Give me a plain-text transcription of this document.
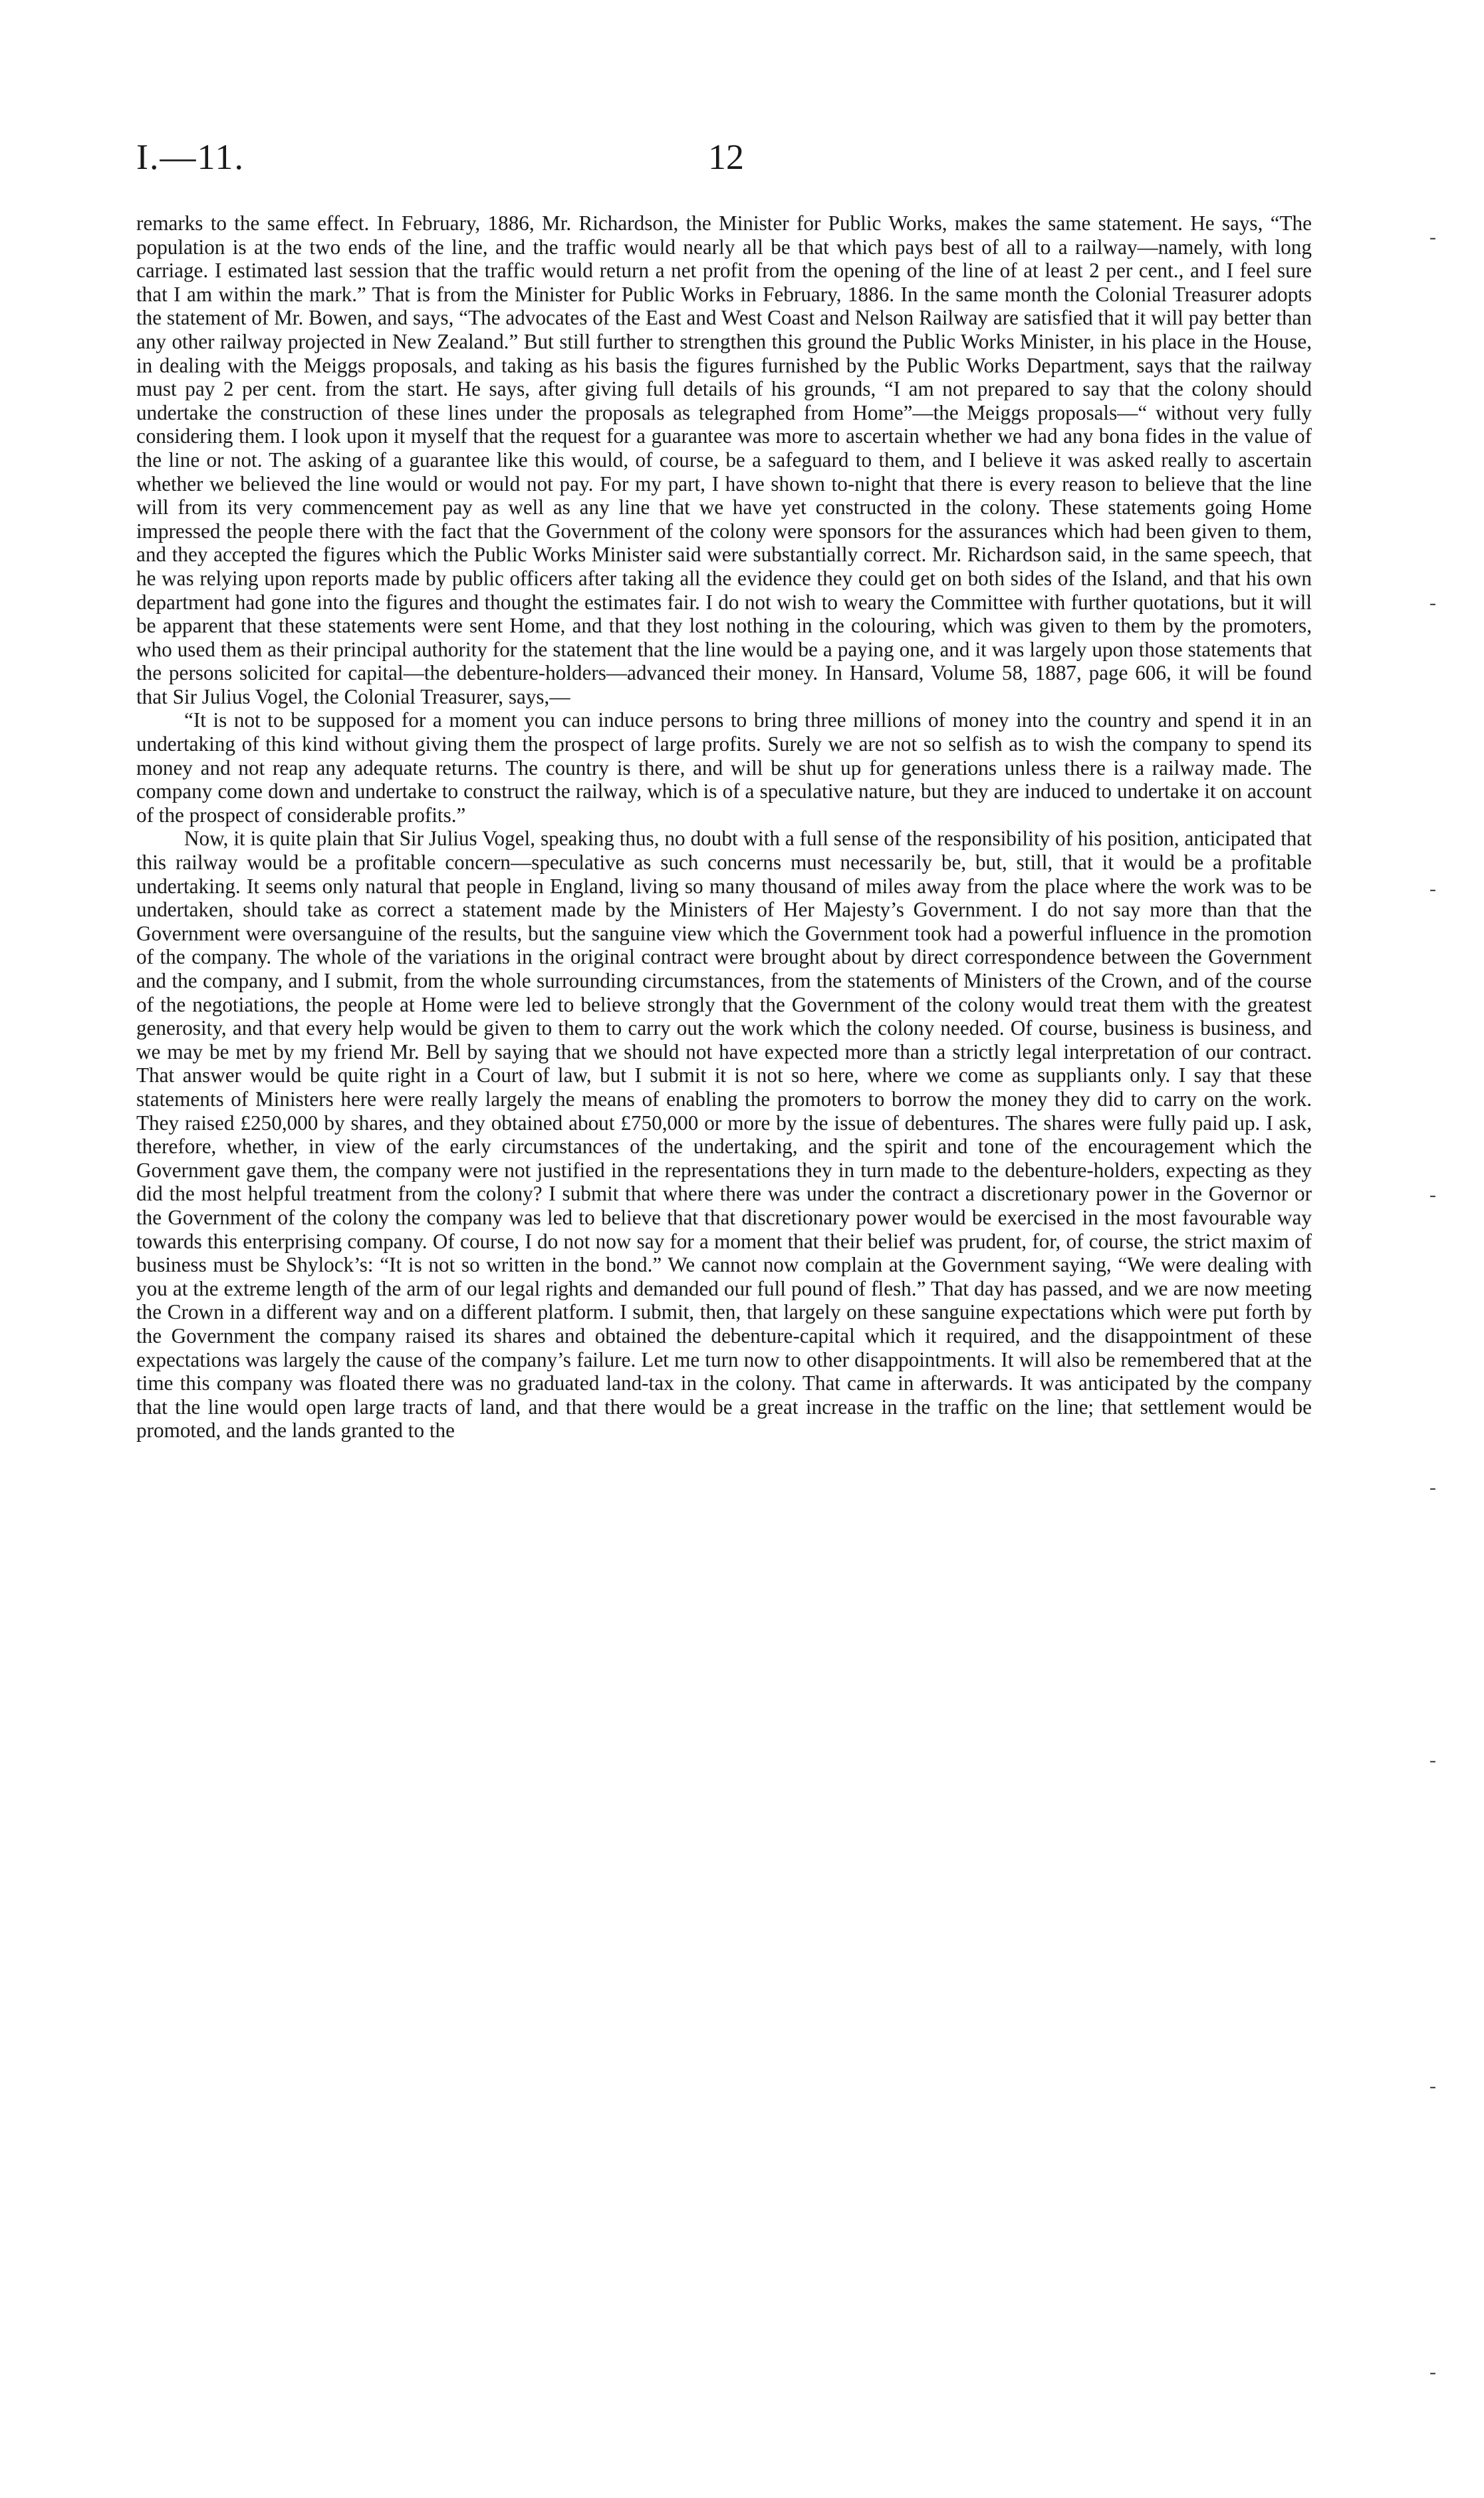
I.—11.	12

remarks to the same effect. In February, 1886, Mr. Richardson, the Minister for Public Works, makes the same statement. He says, “The population is at the two ends of the line, and the traffic would nearly all be that which pays best of all to a railway—namely, with long carriage. I estimated last session that the traffic would return a net profit from the opening of the line of at least 2 per cent., and I feel sure that I am within the mark.” That is from the Minister for Public Works in February, 1886. In the same month the Colonial Treasurer adopts the statement of Mr. Bowen, and says, “The advocates of the East and West Coast and Nelson Railway are satisfied that it will pay better than any other railway projected in New Zealand.” But still further to strengthen this ground the Public Works Minister, in his place in the House, in dealing with the Meiggs proposals, and taking as his basis the figures furnished by the Public Works Department, says that the railway must pay 2 per cent. from the start. He says, after giving full details of his grounds, “I am not prepared to say that the colony should undertake the construction of these lines under the proposals as telegraphed from Home”—the Meiggs proposals—“ without very fully considering them. I look upon it myself that the request for a guarantee was more to ascertain whether we had any bona fides in the value of the line or not. The asking of a guarantee like this would, of course, be a safeguard to them, and I believe it was asked really to ascertain whether we believed the line would or would not pay. For my part, I have shown to-night that there is every reason to believe that the line will from its very commencement pay as well as any line that we have yet constructed in the colony. These statements going Home impressed the people there with the fact that the Government of the colony were sponsors for the assurances which had been given to them, and they accepted the figures which the Public Works Minister said were substantially correct. Mr. Richardson said, in the same speech, that he was relying upon reports made by public officers after taking all the evidence they could get on both sides of the Island, and that his own department had gone into the figures and thought the estimates fair. I do not wish to weary the Committee with further quotations, but it will be apparent that these statements were sent Home, and that they lost nothing in the colouring, which was given to them by the promoters, who used them as their principal authority for the statement that the line would be a paying one, and it was largely upon those statements that the persons solicited for capital—the debenture-holders—advanced their money. In Hansard, Volume 58, 1887, page 606, it will be found that Sir Julius Vogel, the Colonial Treasurer, says,—

“It is not to be supposed for a moment you can induce persons to bring three millions of money into the country and spend it in an undertaking of this kind without giving them the prospect of large profits. Surely we are not so selfish as to wish the company to spend its money and not reap any adequate returns. The country is there, and will be shut up for generations unless there is a railway made. The company come down and undertake to construct the railway, which is of a speculative nature, but they are induced to undertake it on account of the prospect of considerable profits.”

Now, it is quite plain that Sir Julius Vogel, speaking thus, no doubt with a full sense of the responsibility of his position, anticipated that this railway would be a profitable concern—speculative as such concerns must necessarily be, but, still, that it would be a profitable undertaking. It seems only natural that people in England, living so many thousand of miles away from the place where the work was to be undertaken, should take as correct a statement made by the Ministers of Her Majesty’s Government. I do not say more than that the Government were oversanguine of the results, but the sanguine view which the Government took had a powerful influence in the promotion of the company. The whole of the variations in the original contract were brought about by direct correspondence between the Government and the company, and I submit, from the whole surrounding circumstances, from the statements of Ministers of the Crown, and of the course of the negotiations, the people at Home were led to believe strongly that the Government of the colony would treat them with the greatest generosity, and that every help would be given to them to carry out the work which the colony needed. Of course, business is business, and we may be met by my friend Mr. Bell by saying that we should not have expected more than a strictly legal interpretation of our contract. That answer would be quite right in a Court of law, but I submit it is not so here, where we come as suppliants only. I say that these statements of Ministers here were really largely the means of enabling the promoters to borrow the money they did to carry on the work. They raised £250,000 by shares, and they obtained about £750,000 or more by the issue of debentures. The shares were fully paid up. I ask, therefore, whether, in view of the early circumstances of the undertaking, and the spirit and tone of the encouragement which the Government gave them, the company were not justified in the representations they in turn made to the debenture-holders, expecting as they did the most helpful treatment from the colony? I submit that where there was under the contract a discretionary power in the Governor or the Government of the colony the company was led to believe that that discretionary power would be exercised in the most favourable way towards this enterprising company. Of course, I do not now say for a moment that their belief was prudent, for, of course, the strict maxim of business must be Shylock’s: “It is not so written in the bond.” We cannot now complain at the Government saying, “We were dealing with you at the extreme length of the arm of our legal rights and demanded our full pound of flesh.” That day has passed, and we are now meeting the Crown in a different way and on a different platform. I submit, then, that largely on these sanguine expectations which were put forth by the Government the company raised its shares and obtained the debenture-capital which it required, and the disappointment of these expectations was largely the cause of the company’s failure. Let me turn now to other disappointments. It will also be remembered that at the time this company was floated there was no graduated land-tax in the colony. That came in afterwards. It was anticipated by the company that the line would open large tracts of land, and that there would be a great increase in the traffic on the line; that settlement would be promoted, and the lands granted to the

-
-
-
-
-
-
-
-
